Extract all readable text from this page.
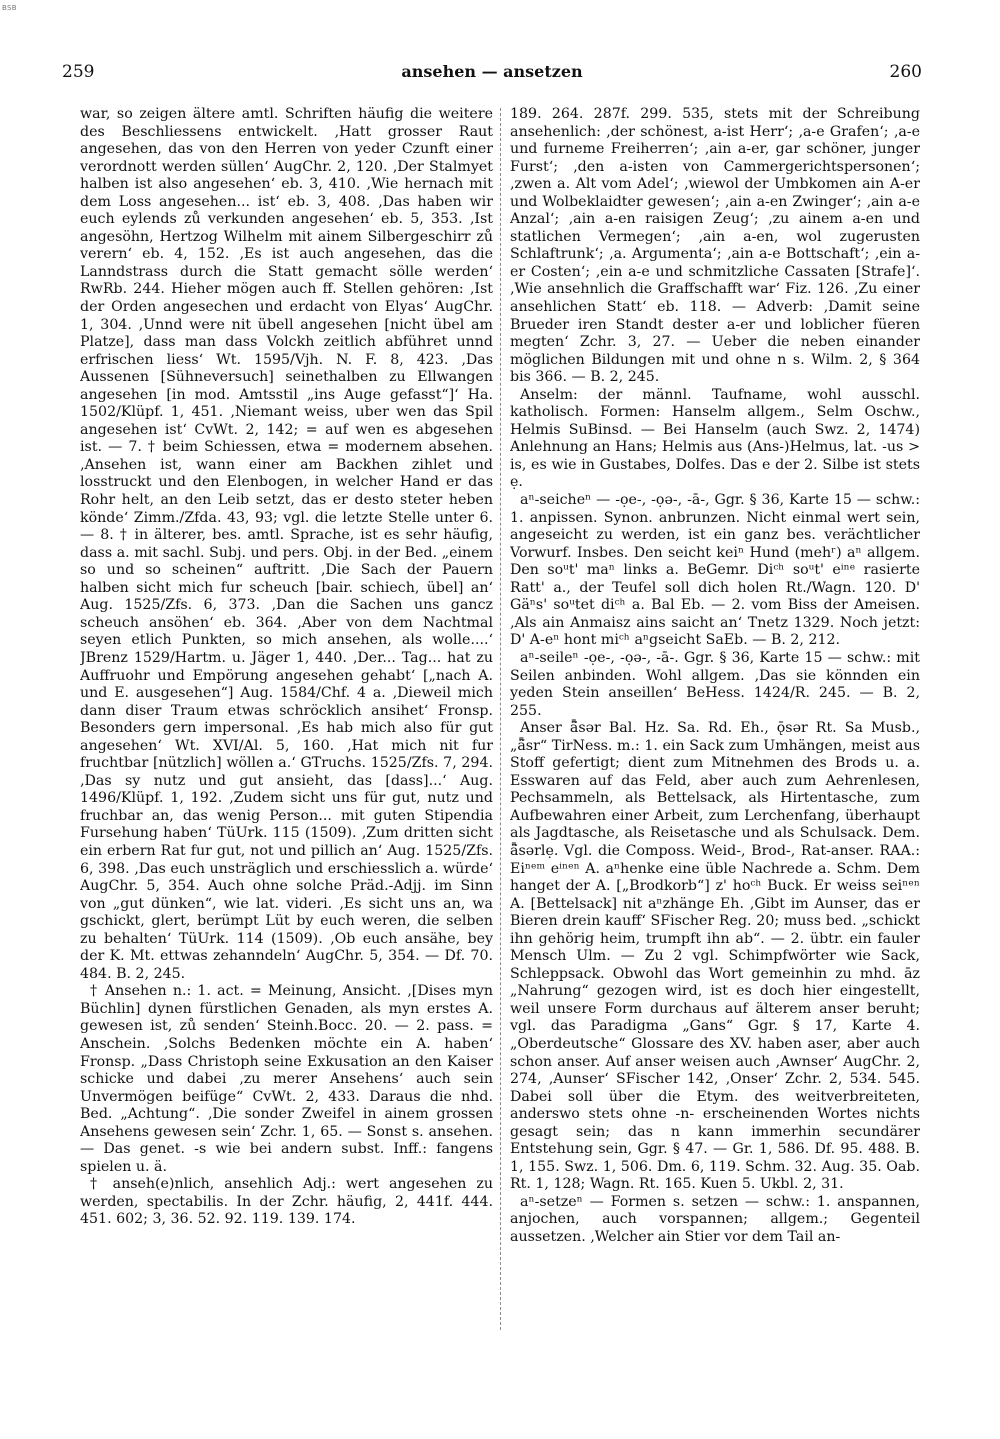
BSB
259	ansehen — ansetzen	260

war, so zeigen ältere amtl. Schriften häufig die weitere des Beschliessens entwickelt. ‚Hatt grosser Raut angesehen, das von den Herren von yeder Czunft einer verordnott werden süllen‘ AugChr. 2, 120. ‚Der Stalmyet halben ist also angesehen‘ eb. 3, 410. ‚Wie hernach mit dem Loss angesehen... ist‘ eb. 3, 408. ‚Das haben wir euch eylends zů verkunden angesehen‘ eb. 5, 353. ‚Ist angesöhn, Hertzog Wilhelm mit ainem Silbergeschirr zů verern‘ eb. 4, 152. ‚Es ist auch angesehen, das die Lanndstrass durch die Statt gemacht sölle werden‘ RwRb. 244. Hieher mögen auch ff. Stellen gehören: ‚Ist der Orden angesechen und erdacht von Elyas‘ AugChr. 1, 304. ‚Unnd were nit übell angesehen [nicht übel am Platze], dass man dass Volckh zeitlich abführet unnd erfrischen liess‘ Wt. 1595/Vjh. N. F. 8, 423. ‚Das Aussenen [Sühneversuch] seinethalben zu Ellwangen angesehen [in mod. Amtsstil „ins Auge gefasst“]‘ Ha. 1502/Klüpf. 1, 451. ‚Niemant weiss, uber wen das Spil angesehen ist‘ CvWt. 2, 142; = auf wen es abgesehen ist. — 7. † beim Schiessen, etwa = modernem absehen. ‚Ansehen ist, wann einer am Backhen zihlet und losstruckt und den Elenbogen, in welcher Hand er das Rohr helt, an den Leib setzt, das er desto steter heben könde‘ Zimm./Zfda. 43, 93; vgl. die letzte Stelle unter 6. — 8. † in älterer, bes. amtl. Sprache, ist es sehr häufig, dass a. mit sachl. Subj. und pers. Obj. in der Bed. „einem so und so scheinen“ auftritt. ‚Die Sach der Pauern halben sicht mich fur scheuch [bair. schiech, übel] an‘ Aug. 1525/Zfs. 6, 373. ‚Dan die Sachen uns gancz scheuch ansöhen‘ eb. 364. ‚Aber von dem Nachtmal seyen etlich Punkten, so mich ansehen, als wolle....‘ JBrenz 1529/Hartm. u. Jäger 1, 440. ‚Der... Tag... hat zu Auffruohr und Empörung angesehen gehabt‘ [„nach A. und E. ausgesehen“] Aug. 1584/Chf. 4 a. ‚Dieweil mich dann diser Traum etwas schröcklich ansihet‘ Fronsp. Besonders gern impersonal. ‚Es hab mich also für gut angesehen‘ Wt. XVI/Al. 5, 160. ‚Hat mich nit fur fruchtbar [nützlich] wöllen a.‘ GTruchs. 1525/Zfs. 7, 294. ‚Das sy nutz und gut ansieht, das [dass]...‘ Aug. 1496/Klüpf. 1, 192. ‚Zudem sicht uns für gut, nutz und fruchbar an, das wenig Person... mit guten Stipendia Fursehung haben‘ TüUrk. 115 (1509). ‚Zum dritten sicht ein erbern Rat fur gut, not und pillich an‘ Aug. 1525/Zfs. 6, 398. ‚Das euch unsträglich und erschiesslich a. würde‘ AugChr. 5, 354. Auch ohne solche Präd.-Adjj. im Sinn von „gut dünken“, wie lat. videri. ‚Es sicht uns an, wa gschickt, glert, berümpt Lüt by euch weren, die selben zu behalten‘ TüUrk. 114 (1509). ‚Ob euch ansähe, bey der K. Mt. ettwas zehanndeln‘ AugChr. 5, 354. — Df. 70. 484. B. 2, 245.

† Ansehen n.: 1. act. = Meinung, Ansicht. ‚[Dises myn Büchlin] dynen fürstlichen Genaden, als myn erstes A. gewesen ist, zů senden‘ Steinh.Bocc. 20. — 2. pass. = Anschein. ‚Solchs Bedenken möchte ein A. haben‘ Fronsp. „Dass Christoph seine Exkusation an den Kaiser schicke und dabei ‚zu merer Ansehens‘ auch sein Unvermögen beifüge“ CvWt. 2, 433. Daraus die nhd. Bed. „Achtung“. ‚Die sonder Zweifel in ainem grossen Ansehens gewesen sein‘ Zchr. 1, 65. — Sonst s. ansehen. — Das genet. -s wie bei andern subst. Inff.: fangens spielen u. ä.

† anseh(e)nlich, ansehlich Adj.: wert angesehen zu werden, spectabilis. In der Zchr. häufig, 2, 441f. 444. 451. 602; 3, 36. 52. 92. 119. 139. 174.

189. 264. 287f. 299. 535, stets mit der Schreibung ansehenlich: ‚der schönest, a-ist Herr‘; ‚a-e Grafen‘; ‚a-e und furneme Freiherren‘; ‚ain a-er, gar schöner, junger Furst‘; ‚den a-isten von Cammergerichtspersonen‘; ‚zwen a. Alt vom Adel‘; ‚wiewol der Umbkomen ain A-er und Wolbeklaidter gewesen‘; ‚ain a-en Zwinger‘; ‚ain a-e Anzal‘; ‚ain a-en raisigen Zeug‘; ‚zu ainem a-en und statlichen Vermegen‘; ‚ain a-en, wol zugerusten Schlaftrunk‘; ‚a. Argumenta‘; ‚ain a-e Bottschaft‘; ‚ein a-er Costen‘; ‚ein a-e und schmitzliche Cassaten [Strafe]‘. ‚Wie ansehnlich die Graffschafft war‘ Fiz. 126. ‚Zu einer ansehlichen Statt‘ eb. 118. — Adverb: ‚Damit seine Brueder iren Standt dester a-er und loblicher füeren megten‘ Zchr. 3, 27. — Ueber die neben einander möglichen Bildungen mit und ohne n s. Wilm. 2, § 364 bis 366. — B. 2, 245.

Anselm: der männl. Taufname, wohl ausschl. katholisch. Formen: Hanselm allgem., Selm Oschw., Helmis SuBinsd. — Bei Hanselm (auch Swz. 2, 1474) Anlehnung an Hans; Helmis aus (Ans-)Helmus, lat. -us > is, es wie in Gustabes, Dolfes. Das e der 2. Silbe ist stets ẹ.

aⁿ-seicheⁿ — -ọe-, -ọə-, -ā-, Ggr. § 36, Karte 15 — schw.: 1. anpissen. Synon. anbrunzen. Nicht einmal wert sein, angeseicht zu werden, ist ein ganz bes. verächtlicher Vorwurf. Insbes. Den seicht keiⁿ Hund (mehʳ) aⁿ allgem. Den soᵘt' maⁿ links a. BeGemr. Diᶜʰ soᵘt' eⁱⁿᵉ rasierte Ratt' a., der Teufel soll dich holen Rt./Wagn. 120. D' Gäⁿs' soᵘtet diᶜʰ a. Bal Eb. — 2. vom Biss der Ameisen. ‚Als ain Anmaisz ains saicht an‘ Tnetz 1329. Noch jetzt: D' A-eⁿ hont miᶜʰ aⁿgseicht SaEb. — B. 2, 212.

aⁿ-seileⁿ -ọe-, -ọə-, -ā-. Ggr. § 36, Karte 15 — schw.: mit Seilen anbinden. Wohl allgem. ‚Das sie könnden ein yeden Stein anseillen‘ BeHess. 1424/R. 245. — B. 2, 255.

Anser ǟ̃sər Bal. Hz. Sa. Rd. Eh., ǭsər Rt. Sa Musb., „ǟ̃sr“ TirNess. m.: 1. ein Sack zum Umhängen, meist aus Stoff gefertigt; dient zum Mitnehmen des Brods u. a. Esswaren auf das Feld, aber auch zum Aehrenlesen, Pechsammeln, als Bettelsack, als Hirtentasche, zum Aufbewahren einer Arbeit, zum Lerchenfang, überhaupt als Jagdtasche, als Reisetasche und als Schulsack. Dem. ǟ̃sərlẹ. Vgl. die Composs. Weid-, Brod-, Rat-anser. RAA.: Eiⁿᵉᵐ eⁱⁿᵉⁿ A. aⁿhenke eine üble Nachrede a. Schm. Dem hanget der A. [„Brodkorb“] z' hoᶜʰ Buck. Er weiss seiⁿᵉⁿ A. [Bettelsack] nit aⁿzhänge Eh. ‚Gibt im Aunser, das er Bieren drein kauff‘ SFischer Reg. 20; muss bed. „schickt ihn gehörig heim, trumpft ihn ab“. — 2. übtr. ein fauler Mensch Ulm. — Zu 2 vgl. Schimpfwörter wie Sack, Schleppsack. Obwohl das Wort gemeinhin zu mhd. āz „Nahrung“ gezogen wird, ist es doch hier eingestellt, weil unsere Form durchaus auf älterem anser beruht; vgl. das Paradigma „Gans“ Ggr. § 17, Karte 4. „Oberdeutsche“ Glossare des XV. haben aser, aber auch schon anser. Auf anser weisen auch ‚Awnser‘ AugChr. 2, 274, ‚Aunser‘ SFischer 142, ‚Onser‘ Zchr. 2, 534. 545. Dabei soll über die Etym. des weitverbreiteten, anderswo stets ohne -n- erscheinenden Wortes nichts gesagt sein; das n kann immerhin secundärer Entstehung sein, Ggr. § 47. — Gr. 1, 586. Df. 95. 488. B. 1, 155. Swz. 1, 506. Dm. 6, 119. Schm. 32. Aug. 35. Oab. Rt. 1, 128; Wagn. Rt. 165. Kuen 5. Ukbl. 2, 31.

aⁿ-setzeⁿ — Formen s. setzen — schw.: 1. anspannen, anjochen, auch vorspannen; allgem.; Gegenteil aussetzen. ‚Welcher ain Stier vor dem Tail an-
